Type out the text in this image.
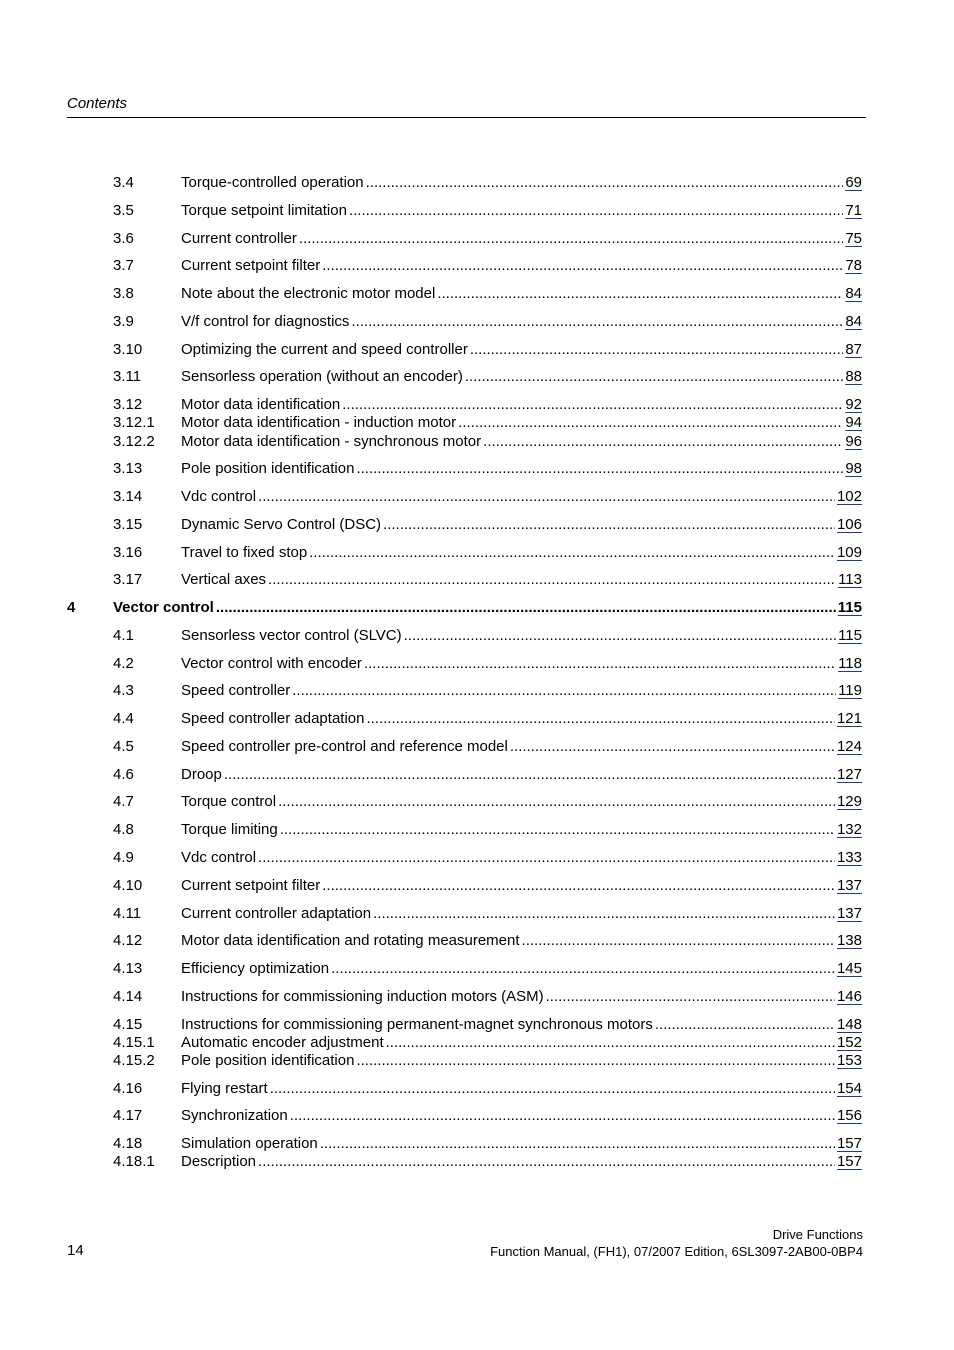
Contents
3.4	Torque-controlled operation .....	69
3.5	Torque setpoint limitation .....	71
3.6	Current controller .....	75
3.7	Current setpoint filter .....	78
3.8	Note about the electronic motor model .....	84
3.9	V/f control for diagnostics .....	84
3.10	Optimizing the current and speed controller .....	87
3.11	Sensorless operation (without an encoder) .....	88
3.12	Motor data identification .....	92
3.12.1 Motor data identification - induction motor .....	94
3.12.2 Motor data identification - synchronous motor .....	96
3.13	Pole position identification .....	98
3.14	Vdc control .....	102
3.15	Dynamic Servo Control (DSC) .....	106
3.16	Travel to fixed stop .....	109
3.17	Vertical axes .....	113
4	Vector control .....	115
4.1	Sensorless vector control (SLVC) .....	115
4.2	Vector control with encoder .....	118
4.3	Speed controller .....	119
4.4	Speed controller adaptation .....	121
4.5	Speed controller pre-control and reference model .....	124
4.6	Droop .....	127
4.7	Torque control .....	129
4.8	Torque limiting .....	132
4.9	Vdc control .....	133
4.10	Current setpoint filter .....	137
4.11	Current controller adaptation .....	137
4.12	Motor data identification and rotating measurement .....	138
4.13	Efficiency optimization .....	145
4.14	Instructions for commissioning induction motors (ASM) .....	146
4.15	Instructions for commissioning permanent-magnet synchronous motors .....	148
4.15.1 Automatic encoder adjustment .....	152
4.15.2 Pole position identification .....	153
4.16	Flying restart .....	154
4.17	Synchronization .....	156
4.18	Simulation operation .....	157
4.18.1 Description .....	157
Drive Functions
Function Manual, (FH1), 07/2007 Edition, 6SL3097-2AB00-0BP4
14
